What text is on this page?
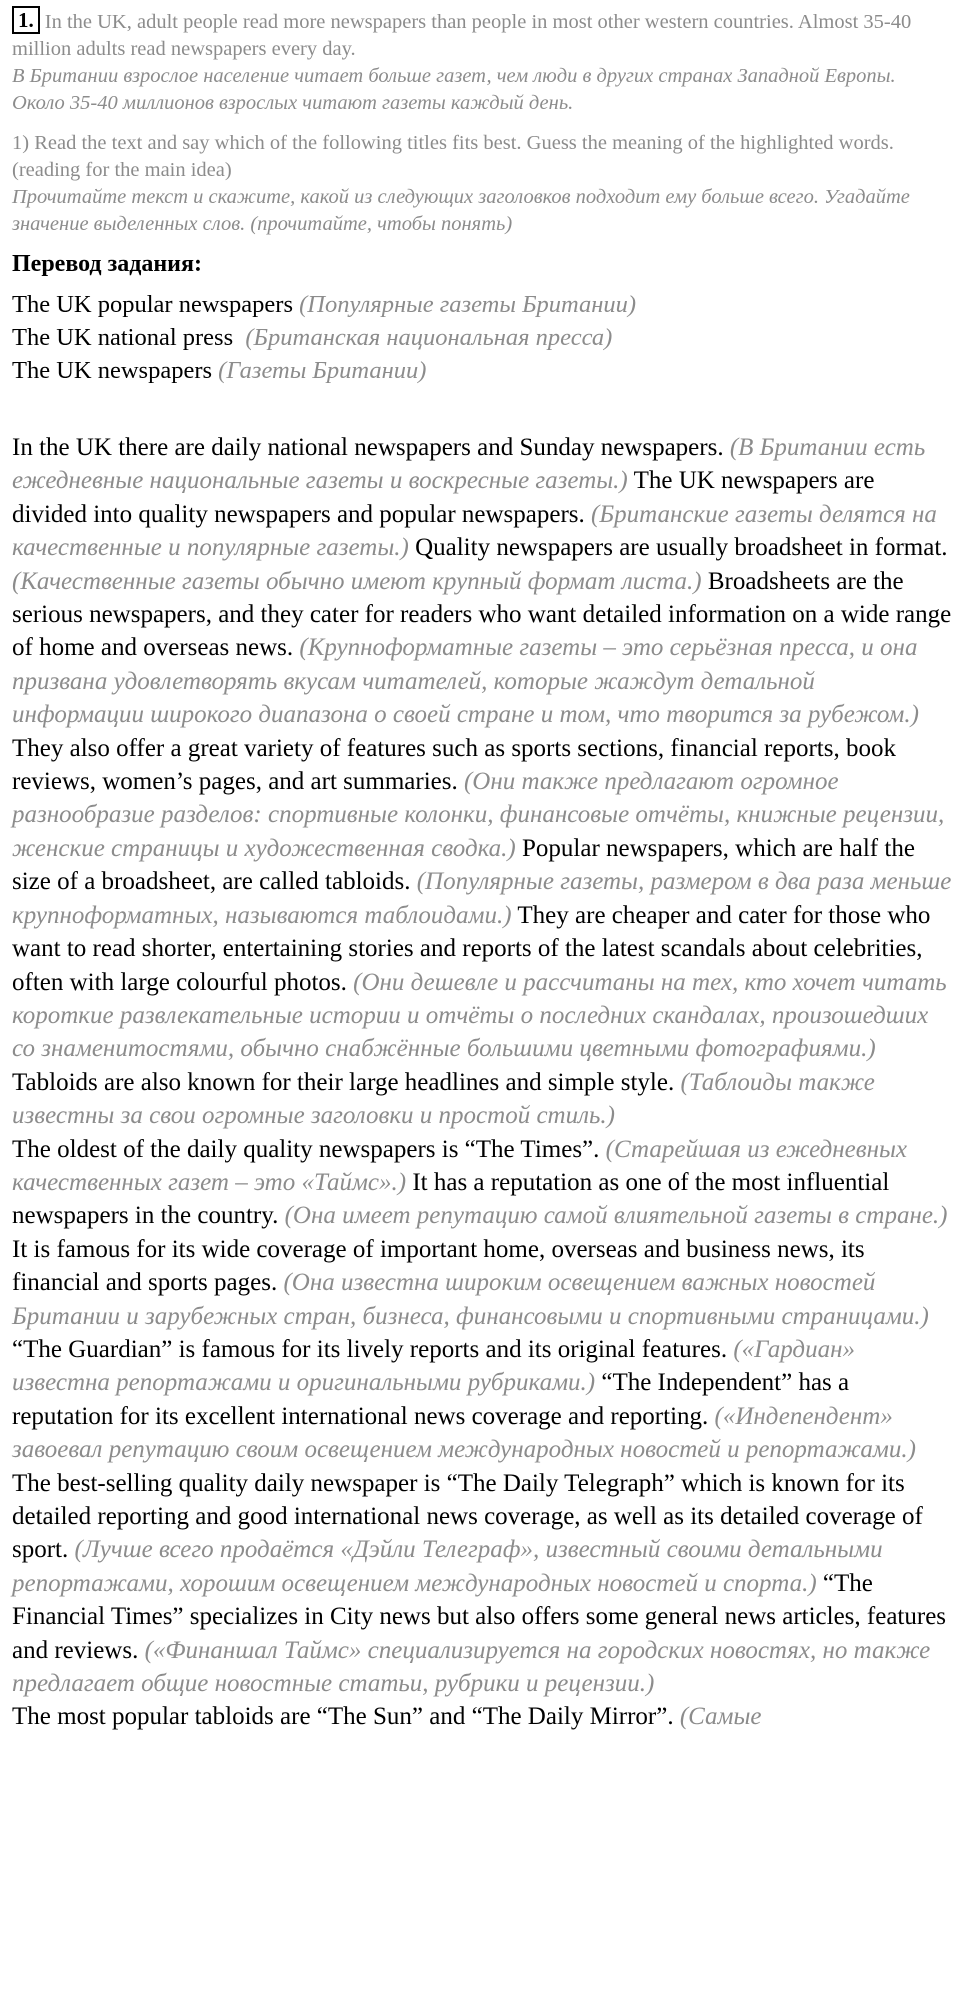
1. In the UK, adult people read more newspapers than people in most other western countries. Almost 35-40 million adults read newspapers every day.

В Британии взрослое население читает больше газет, чем люди в других странах Западной Европы. Около 35-40 миллионов взрослых читают газеты каждый день.

1) Read the text and say which of the following titles fits best. Guess the meaning of the highlighted words. (reading for the main idea)

Прочитайте текст и скажите, какой из следующих заголовков подходит ему больше всего. Угадайте значение выделенных слов. (прочитайте, чтобы понять)

Перевод задания:
The UK popular newspapers (Популярные газеты Британии)
The UK national press (Британская национальная пресса)
The UK newspapers (Газеты Британии)

In the UK there are daily national newspapers and Sunday newspapers. (В Британии есть ежедневные национальные газеты и воскресные газеты.) The UK newspapers are divided into quality newspapers and popular newspapers. (Британские газеты делятся на качественные и популярные газеты.) Quality newspapers are usually broadsheet in format. (Качественные газеты обычно имеют крупный формат листа.) Broadsheets are the serious newspapers, and they cater for readers who want detailed information on a wide range of home and overseas news. (Крупноформатные газеты – это серьёзная пресса, и она призвана удовлетворять вкусам читателей, которые жаждут детальной информации широкого диапазона о своей стране и том, что творится за рубежом.) They also offer a great variety of features such as sports sections, financial reports, book reviews, women’s pages, and art summaries. (Они также предлагают огромное разнообразие разделов: спортивные колонки, финансовые отчёты, книжные рецензии, женские страницы и художественная сводка.) Popular newspapers, which are half the size of a broadsheet, are called tabloids. (Популярные газеты, размером в два раза меньше крупноформатных, называются таблоидами.) They are cheaper and cater for those who want to read shorter, entertaining stories and reports of the latest scandals about celebrities, often with large colourful photos. (Они дешевле и рассчитаны на тех, кто хочет читать короткие развлекательные истории и отчёты о последних скандалах, произошедших со знаменитостями, обычно снабжённые большими цветными фотографиями.) Tabloids are also known for their large headlines and simple style. (Таблоиды также известны за свои огромные заголовки и простой стиль.)

The oldest of the daily quality newspapers is “The Times”. (Старейшая из ежедневных качественных газет – это «Таймс».) It has a reputation as one of the most influential newspapers in the country. (Она имеет репутацию самой влиятельной газеты в стране.) It is famous for its wide coverage of important home, overseas and business news, its financial and sports pages. (Она известна широким освещением важных новостей Британии и зарубежных стран, бизнеса, финансовыми и спортивными страницами.) “The Guardian” is famous for its lively reports and its original features. («Гардиан» известна репортажами и оригинальными рубриками.) “The Independent” has a reputation for its excellent international news coverage and reporting. («Индепендент» завоевал репутацию своим освещением международных новостей и репортажами.) The best-selling quality daily newspaper is “The Daily Telegraph” which is known for its detailed reporting and good international news coverage, as well as its detailed coverage of sport. (Лучше всего продаётся «Дэйли Телеграф», известный своими детальными репортажами, хорошим освещением международных новостей и спорта.) “The Financial Times” specializes in City news but also offers some general news articles, features and reviews. («Финаншал Таймс» специализируется на городских новостях, но также предлагает общие новостные статьи, рубрики и рецензии.)

The most popular tabloids are “The Sun” and “The Daily Mirror”. (Самые
